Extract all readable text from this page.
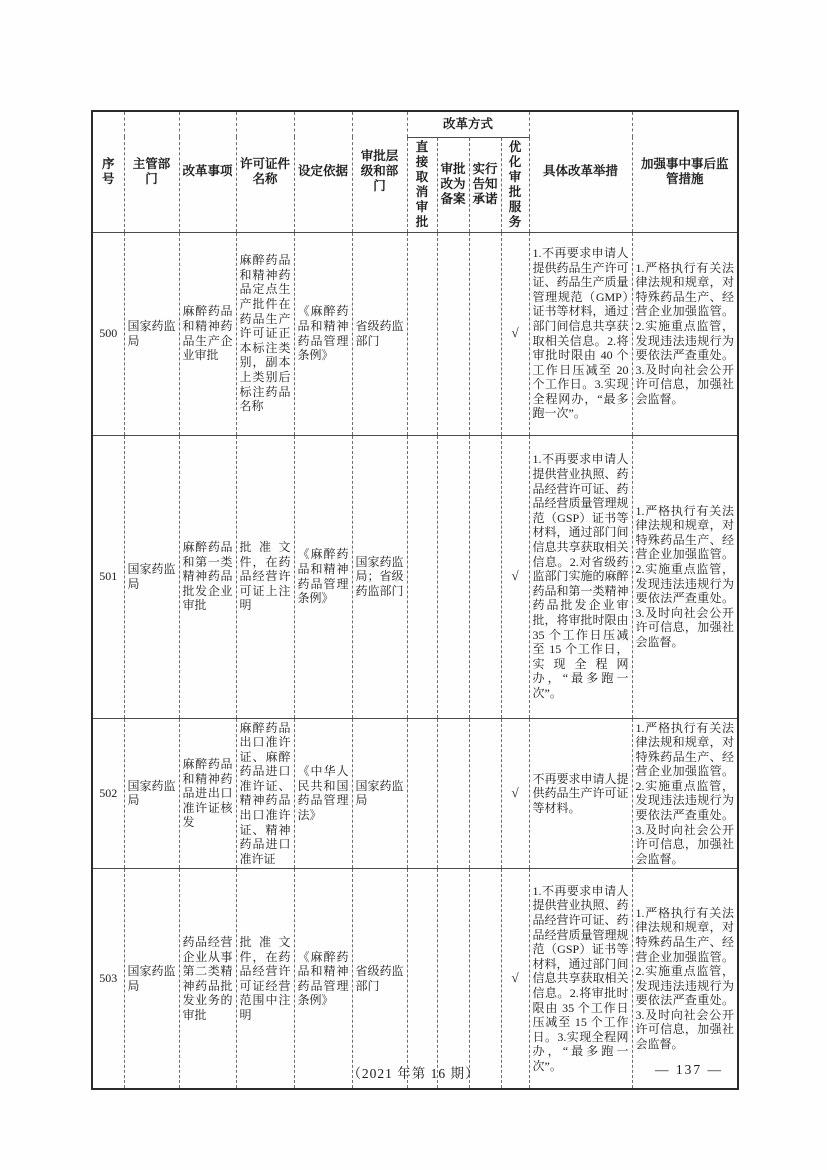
序号	主管部门	改革事项	许可证件名称	设定依据	审批层级和部门	改革方式				具体改革举措	加强事中事后监管措施
						直接取消审批	审批改为备案	实行告知承诺	优化审批服务		
500	国家药监局	麻醉药品和精神药品生产企业审批	麻醉药品和精神药品定点生产批件在药品生产许可证正本标注类别，副本上类别后标注药品名称	《麻醉药品和精神药品管理条例》	省级药监部门				√	1.不再要求申请人提供药品生产许可证、药品生产质量管理规范（GMP）证书等材料，通过部门间信息共享获取相关信息。2.将审批时限由 40 个工作日压减至 20 个工作日。3.实现全程网办，“最多跑一次”。	1.严格执行有关法律法规和规章，对特殊药品生产、经营企业加强监管。2.实施重点监管，发现违法违规行为要依法严查重处。3.及时向社会公开许可信息，加强社会监督。
501	国家药监局	麻醉药品和第一类精神药品批发企业审批	批准文件，在药品经营许可证上注明	《麻醉药品和精神药品管理条例》	国家药监局；省级药监部门				√	1.不再要求申请人提供营业执照、药品经营许可证、药品经营质量管理规范（GSP）证书等材料，通过部门间信息共享获取相关信息。2.对省级药监部门实施的麻醉药品和第一类精神药品批发企业审批，将审批时限由 35 个工作日压减至 15 个工作日，实现全程网办，“最多跑一次”。	1.严格执行有关法律法规和规章，对特殊药品生产、经营企业加强监管。2.实施重点监管，发现违法违规行为要依法严查重处。3.及时向社会公开许可信息，加强社会监督。
502	国家药监局	麻醉药品和精神药品进出口准许证核发	麻醉药品出口准许证、麻醉药品进口准许证、精神药品出口准许证、精神药品进口准许证	《中华人民共和国药品管理法》	国家药监局				√	不再要求申请人提供药品生产许可证等材料。	1.严格执行有关法律法规和规章，对特殊药品生产、经营企业加强监管。2.实施重点监管，发现违法违规行为要依法严查重处。3.及时向社会公开许可信息，加强社会监督。
503	国家药监局	药品经营企业从事第二类精神药品批发业务的审批	批准文件，在药品经营许可证经营范围中注明	《麻醉药品和精神药品管理条例》	省级药监部门				√	1.不再要求申请人提供营业执照、药品经营许可证、药品经营质量管理规范（GSP）证书等材料，通过部门间信息共享获取相关信息。2.将审批时限由 35 个工作日压减至 15 个工作日。3.实现全程网办，“最多跑一次”。	1.严格执行有关法律法规和规章，对特殊药品生产、经营企业加强监管。2.实施重点监管，发现违法违规行为要依法严查重处。3.及时向社会公开许可信息，加强社会监督。
（2021 年第 16 期）	— 137 —
